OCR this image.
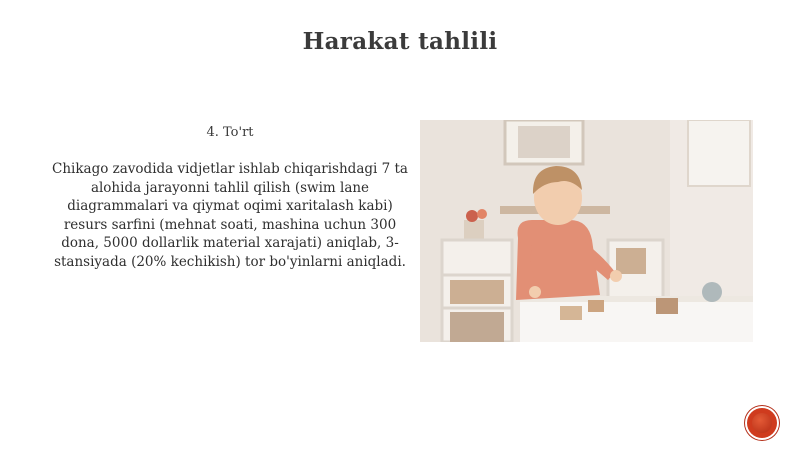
Harakat tahlili
4. To'rt
Chikago zavodida vidjetlar ishlab chiqarishdagi 7 ta alohida jarayonni tahlil qilish (swim lane diagrammalari va qiymat oqimi xaritalash kabi) resurs sarfini (mehnat soati, mashina uchun 300 dona, 5000 dollarlik material xarajati) aniqlab, 3-stansiyada (20% kechikish) tor bo'yinlarni aniqladi.
